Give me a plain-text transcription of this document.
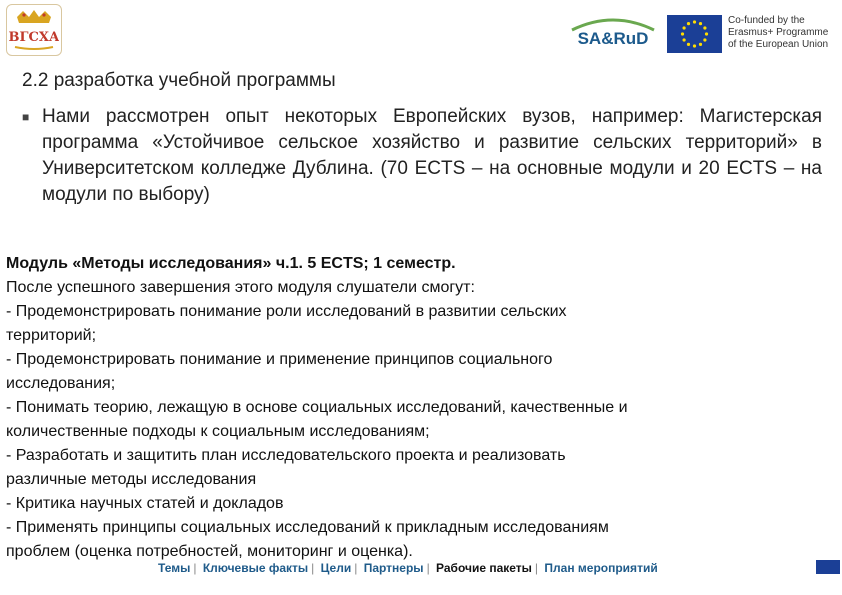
ВГСХА	SA&RuD
Co-funded by the
Erasmus+ Programme
of the European Union
2.2 разработка учебной программы
■ Нами рассмотрен опыт некоторых Европейских вузов, например: Магистерская программа «Устойчивое сельское хозяйство и развитие сельских территорий» в Университетском колледже Дублина. (70 ECTS – на основные модули и 20 ECTS – на модули по выбору)
Модуль «Методы исследования» ч.1. 5 ECTS; 1 семестр.
После успешного завершения этого модуля слушатели смогут:
- Продемонстрировать понимание роли исследований в развитии сельских
территорий;
- Продемонстрировать понимание и применение принципов социального
исследования;
- Понимать теорию, лежащую в основе социальных исследований, качественные и
количественные подходы к социальным исследованиям;
- Разработать и защитить план исследовательского проекта и реализовать
различные методы исследования
- Критика научных статей и докладов
- Применять принципы социальных исследований к прикладным исследованиям
проблем (оценка потребностей, мониторинг и оценка).
Темы | Ключевые факты | Цели | Партнеры | Рабочие пакеты | План мероприятий
